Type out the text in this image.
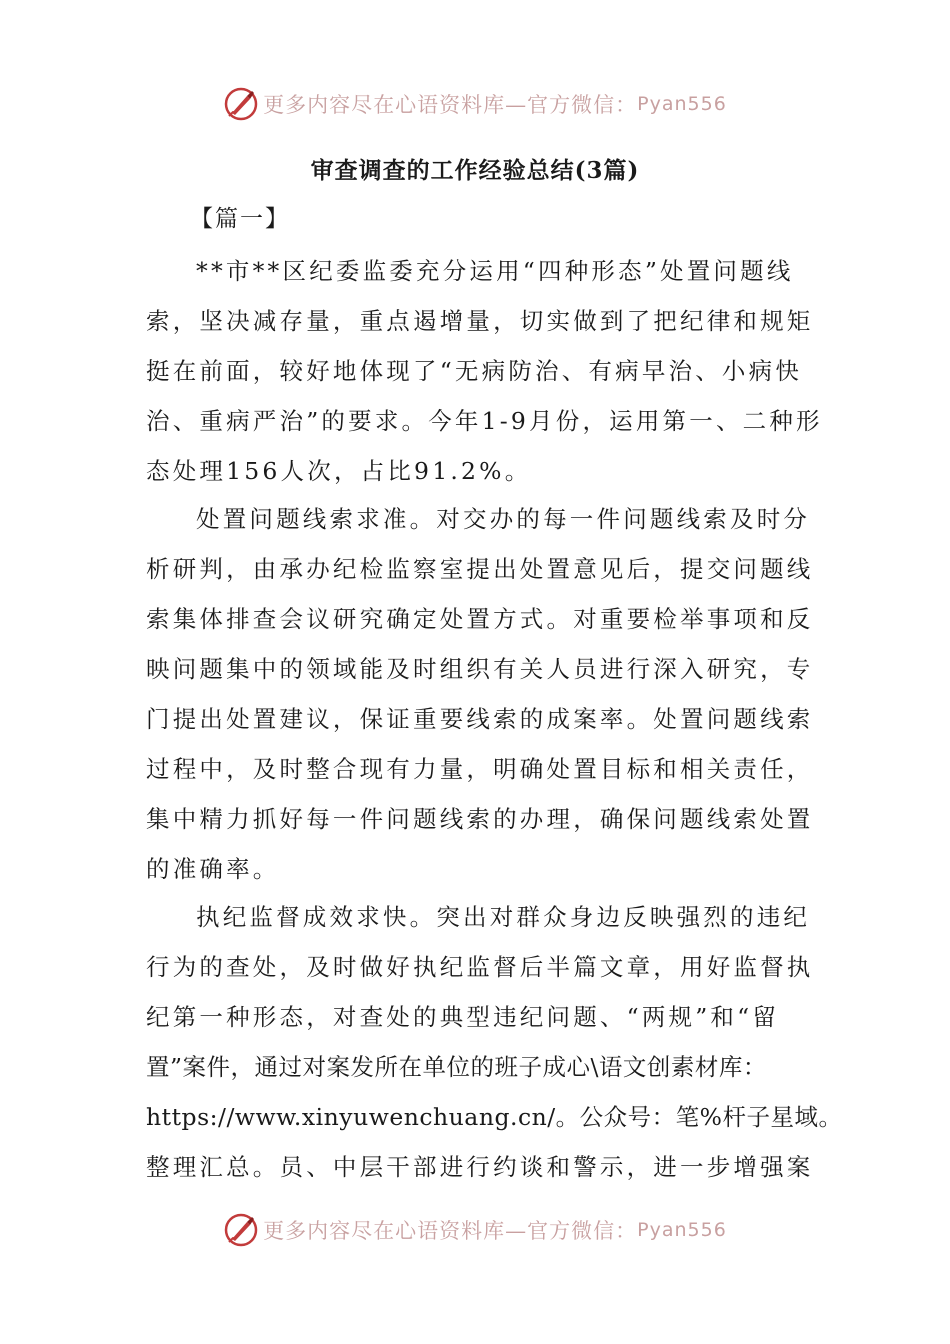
更多内容尽在心语资料库—官方微信： Pyan556
审查调查的工作经验总结(3篇)
【篇一】
**市**区纪委监委充分运用“四种形态”处置问题线
索，坚决减存量，重点遏增量，切实做到了把纪律和规矩
挺在前面，较好地体现了“无病防治、有病早治、小病快
治、重病严治”的要求。今年1-9月份，运用第一、二种形
态处理156人次，占比91.2%。
处置问题线索求准。对交办的每一件问题线索及时分
析研判，由承办纪检监察室提出处置意见后，提交问题线
索集体排查会议研究确定处置方式。对重要检举事项和反
映问题集中的领域能及时组织有关人员进行深入研究，专
门提出处置建议，保证重要线索的成案率。处置问题线索
过程中，及时整合现有力量，明确处置目标和相关责任，
集中精力抓好每一件问题线索的办理，确保问题线索处置
的准确率。
执纪监督成效求快。突出对群众身边反映强烈的违纪
行为的查处，及时做好执纪监督后半篇文章，用好监督执
纪第一种形态，对查处的典型违纪问题、“两规”和“留
置”案件，通过对案发所在单位的班子成心\语文创素材库：
https://www.xinyuwenchuang.cn/。公众号：笔%杆子星域。
整理汇总。员、中层干部进行约谈和警示，进一步增强案
更多内容尽在心语资料库—官方微信： Pyan556
